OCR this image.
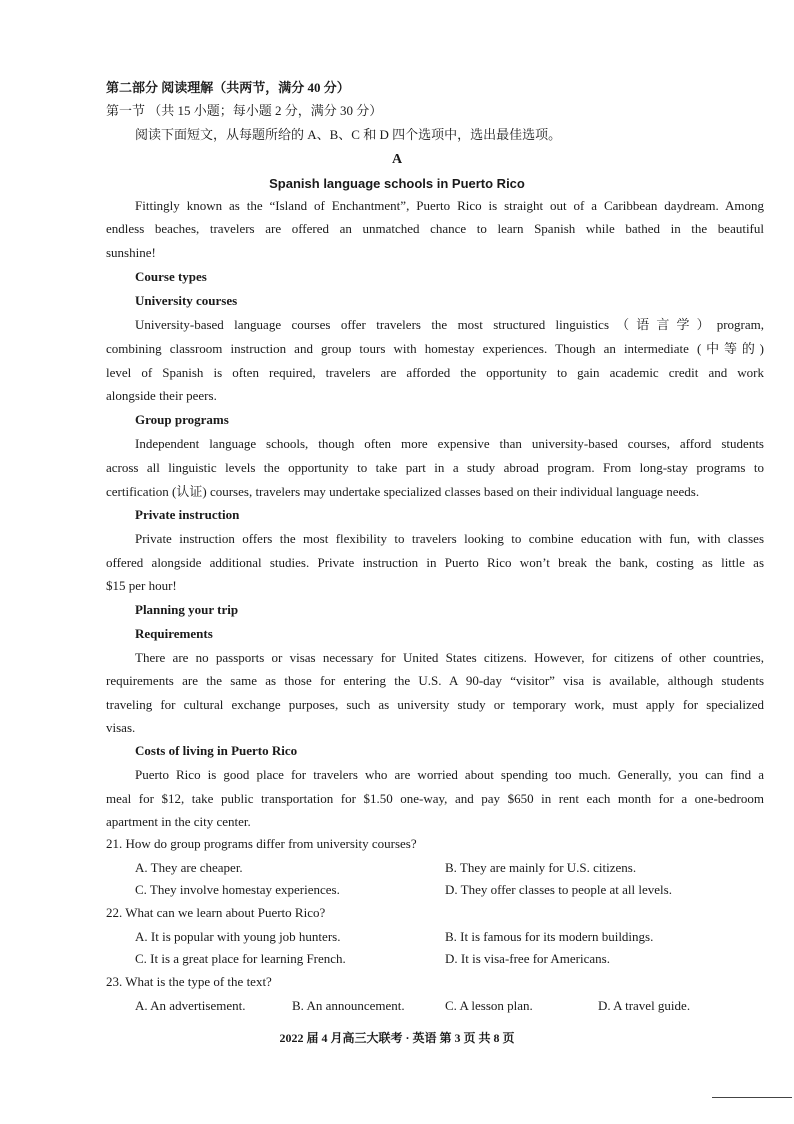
第二部分 阅读理解（共两节，满分 40 分）
第一节 （共 15 小题；每小题 2 分，满分 30 分）
阅读下面短文，从每题所给的 A、B、C 和 D 四个选项中，选出最佳选项。
A
Spanish language schools in Puerto Rico
Fittingly known as the “Island of Enchantment”, Puerto Rico is straight out of a Caribbean daydream. Among
endless beaches, travelers are offered an unmatched chance to learn Spanish while bathed in the beautiful
sunshine!
Course types
University courses
University-based language courses offer travelers the most structured linguistics（语言学）program,
combining classroom instruction and group tours with homestay experiences. Though an intermediate (中等的)
level of Spanish is often required, travelers are afforded the opportunity to gain academic credit and work
alongside their peers.
Group programs
Independent language schools, though often more expensive than university-based courses, afford students
across all linguistic levels the opportunity to take part in a study abroad program. From long-stay programs to
certification (认证) courses, travelers may undertake specialized classes based on their individual language needs.
Private instruction
Private instruction offers the most flexibility to travelers looking to combine education with fun, with classes
offered alongside additional studies. Private instruction in Puerto Rico won’t break the bank, costing as little as
$15 per hour!
Planning your trip
Requirements
There are no passports or visas necessary for United States citizens. However, for citizens of other countries,
requirements are the same as those for entering the U.S. A 90-day “visitor” visa is available, although students
traveling for cultural exchange purposes, such as university study or temporary work, must apply for specialized
visas.
Costs of living in Puerto Rico
Puerto Rico is good place for travelers who are worried about spending too much. Generally, you can find a
meal for $12, take public transportation for $1.50 one-way, and pay $650 in rent each month for a one-bedroom
apartment in the city center.
21. How do group programs differ from university courses?
A. They are cheaper.	B. They are mainly for U.S. citizens.
C. They involve homestay experiences.	D. They offer classes to people at all levels.
22. What can we learn about Puerto Rico?
A. It is popular with young job hunters.	B. It is famous for its modern buildings.
C. It is a great place for learning French.	D. It is visa-free for Americans.
23. What is the type of the text?
A. An advertisement.	B. An announcement.	C. A lesson plan.	D. A travel guide.
2022 届 4 月高三大联考 · 英语 第 3 页 共 8 页
